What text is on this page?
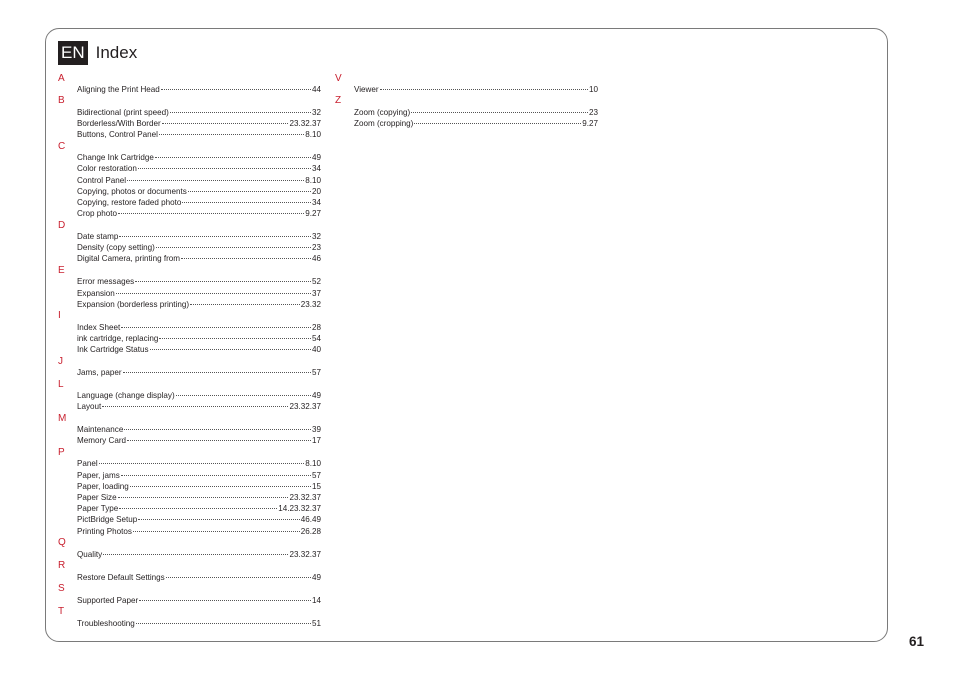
EN Index
A
Aligning the Print Head	44
B
Bidirectional (print speed)	32
Borderless/With Border	23.32.37
Buttons, Control Panel	8.10
C
Change Ink Cartridge	49
Color restoration	34
Control Panel	8.10
Copying, photos or documents	20
Copying, restore faded photo	34
Crop photo	9.27
D
Date stamp	32
Density (copy setting)	23
Digital Camera, printing from	46
E
Error messages	52
Expansion	37
Expansion (borderless printing)	23.32
I
Index Sheet	28
ink cartridge, replacing	54
Ink Cartridge Status	40
J
Jams, paper	57
L
Language (change display)	49
Layout	23.32.37
M
Maintenance	39
Memory Card	17
P
Panel	8.10
Paper, jams	57
Paper, loading	15
Paper Size	23.32.37
Paper Type	14.23.32.37
PictBridge Setup	46.49
Printing Photos	26.28
Q
Quality	23.32.37
R
Restore Default Settings	49
S
Supported Paper	14
T
Troubleshooting	51
V
Viewer	10
Z
Zoom (copying)	23
Zoom (cropping)	9.27
61
